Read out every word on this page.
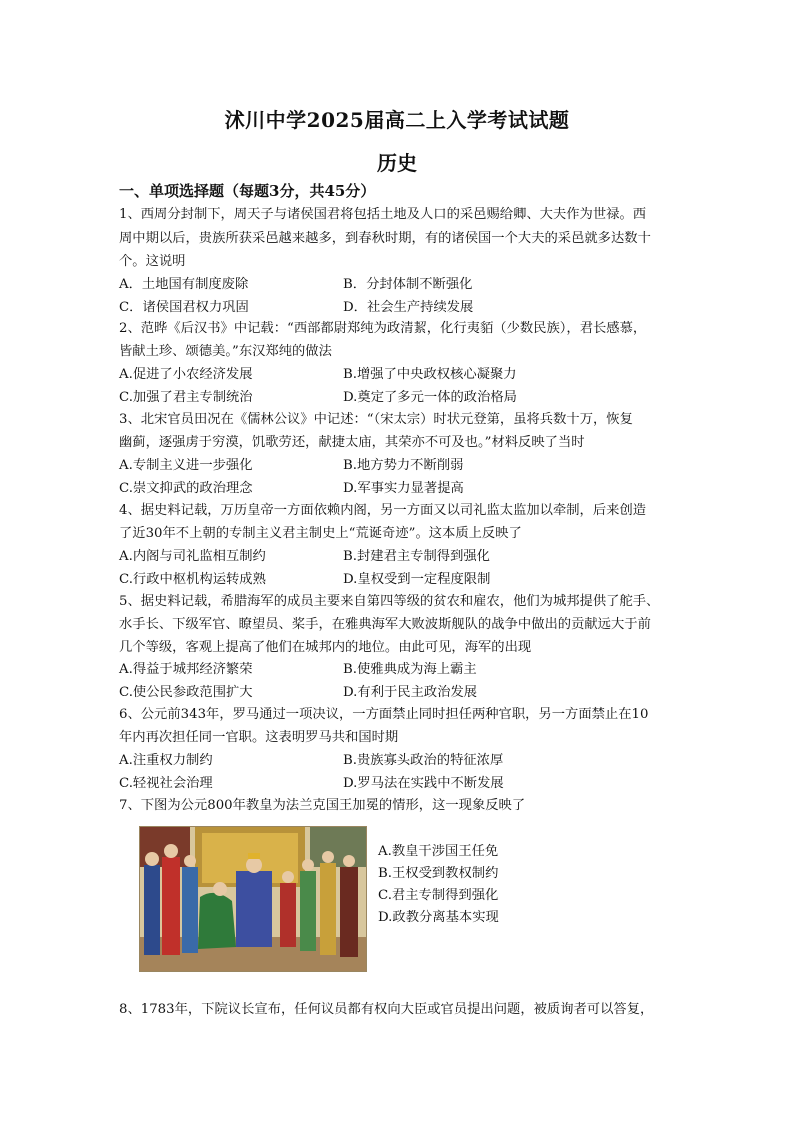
沭川中学2025届高二上入学考试试题
历史
一、单项选择题（每题3分，共45分）
1、西周分封制下，周天子与诸侯国君将包括土地及人口的采邑赐给卿、大夫作为世禄。西
周中期以后，贵族所获采邑越来越多，到春秋时期，有的诸侯国一个大夫的采邑就多达数十
个。这说明
A．土地国有制度废除	B．分封体制不断强化
C．诸侯国君权力巩固	D．社会生产持续发展
2、范晔《后汉书》中记载：“西部都尉郑纯为政清絜，化行夷貊（少数民族），君长感慕，
皆献土珍、颂德美。”东汉郑纯的做法
A.促进了小农经济发展	B.增强了中央政权核心凝聚力
C.加强了君主专制统治	D.奠定了多元一体的政治格局
3、北宋官员田况在《儒林公议》中记述：“（宋太宗）时状元登第，虽将兵数十万，恢复
幽蓟，逐强虏于穷漠，饥歌劳还，献捷太庙，其荣亦不可及也。”材料反映了当时
A.专制主义进一步强化	B.地方势力不断削弱
C.崇文抑武的政治理念	D.军事实力显著提高
4、据史料记载，万历皇帝一方面依赖内阁，另一方面又以司礼监太监加以牵制，后来创造
了近30年不上朝的专制主义君主制史上“荒诞奇迹”。这本质上反映了
A.内阁与司礼监相互制约	B.封建君主专制得到强化
C.行政中枢机构运转成熟	D.皇权受到一定程度限制
5、据史料记载，希腊海军的成员主要来自第四等级的贫农和雇农，他们为城邦提供了舵手、
水手长、下级军官、瞭望员、桨手，在雅典海军大败波斯舰队的战争中做出的贡献远大于前
几个等级，客观上提高了他们在城邦内的地位。由此可见，海军的出现
A.得益于城邦经济繁荣	B.使雅典成为海上霸主
C.使公民参政范围扩大	D.有利于民主政治发展
6、公元前343年，罗马通过一项决议，一方面禁止同时担任两种官职，另一方面禁止在10
年内再次担任同一官职。这表明罗马共和国时期
A.注重权力制约	B.贵族寡头政治的特征浓厚
C.轻视社会治理	D.罗马法在实践中不断发展
7、下图为公元800年教皇为法兰克国王加冕的情形，这一现象反映了
A.教皇干涉国王任免
B.王权受到教权制约
C.君主专制得到强化
D.政教分离基本实现
8、1783年，下院议长宣布，任何议员都有权向大臣或官员提出问题，被质询者可以答复，
